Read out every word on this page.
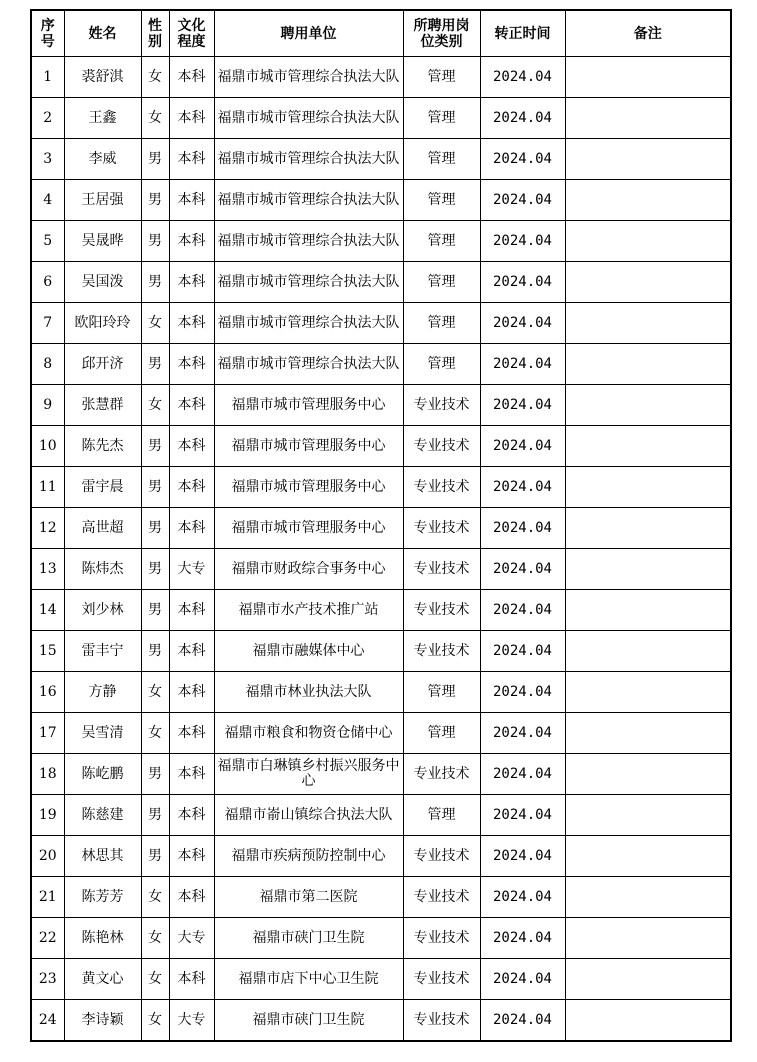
序号	姓名	性别	文化程度	聘用单位	所聘用岗位类别	转正时间	备注
1	裘舒淇	女	本科	福鼎市城市管理综合执法大队	管理	2024.04	
2	王鑫	女	本科	福鼎市城市管理综合执法大队	管理	2024.04	
3	李威	男	本科	福鼎市城市管理综合执法大队	管理	2024.04	
4	王居强	男	本科	福鼎市城市管理综合执法大队	管理	2024.04	
5	吴晟晔	男	本科	福鼎市城市管理综合执法大队	管理	2024.04	
6	吴国泼	男	本科	福鼎市城市管理综合执法大队	管理	2024.04	
7	欧阳玲玲	女	本科	福鼎市城市管理综合执法大队	管理	2024.04	
8	邱开济	男	本科	福鼎市城市管理综合执法大队	管理	2024.04	
9	张慧群	女	本科	福鼎市城市管理服务中心	专业技术	2024.04	
10	陈先杰	男	本科	福鼎市城市管理服务中心	专业技术	2024.04	
11	雷宇晨	男	本科	福鼎市城市管理服务中心	专业技术	2024.04	
12	高世超	男	本科	福鼎市城市管理服务中心	专业技术	2024.04	
13	陈炜杰	男	大专	福鼎市财政综合事务中心	专业技术	2024.04	
14	刘少林	男	本科	福鼎市水产技术推广站	专业技术	2024.04	
15	雷丰宁	男	本科	福鼎市融媒体中心	专业技术	2024.04	
16	方静	女	本科	福鼎市林业执法大队	管理	2024.04	
17	吴雪清	女	本科	福鼎市粮食和物资仓储中心	管理	2024.04	
18	陈屹鹏	男	本科	福鼎市白琳镇乡村振兴服务中心	专业技术	2024.04	
19	陈慈建	男	本科	福鼎市嵛山镇综合执法大队	管理	2024.04	
20	林思其	男	本科	福鼎市疾病预防控制中心	专业技术	2024.04	
21	陈芳芳	女	本科	福鼎市第二医院	专业技术	2024.04	
22	陈艳林	女	大专	福鼎市硖门卫生院	专业技术	2024.04	
23	黄文心	女	本科	福鼎市店下中心卫生院	专业技术	2024.04	
24	李诗颖	女	大专	福鼎市硖门卫生院	专业技术	2024.04	
